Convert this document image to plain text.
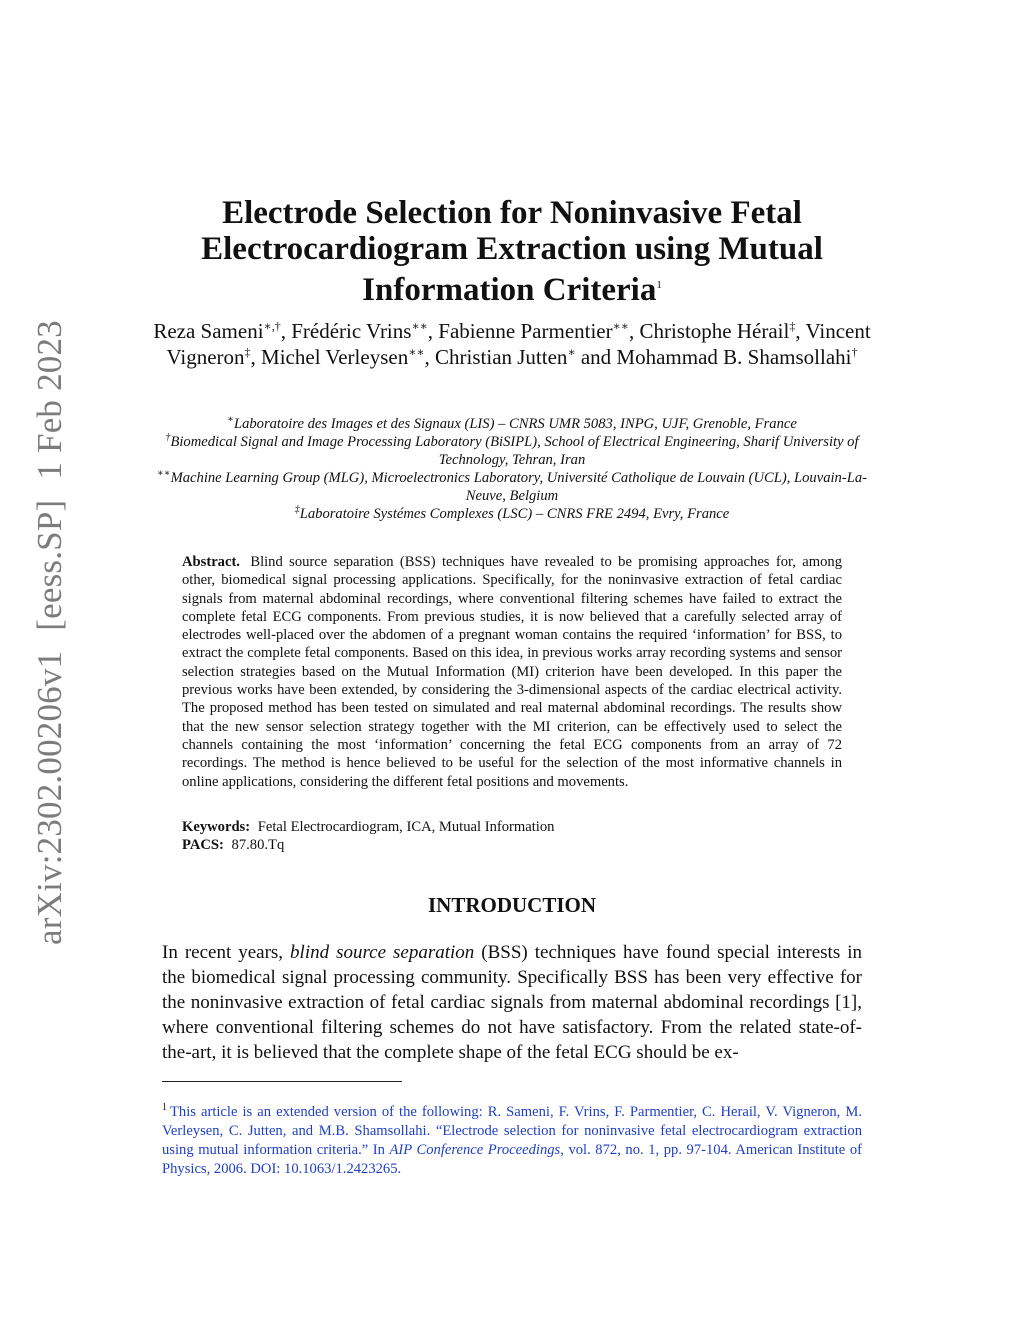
arXiv:2302.00206v1[eess.SP]1 Feb 2023
Electrode Selection for Noninvasive Fetal Electrocardiogram Extraction using Mutual Information Criteria$^1$

Reza Sameni∗,†, Frédéric Vrins∗∗, Fabienne Parmentier∗∗, Christophe Hérail‡, Vincent Vigneron‡, Michel Verleysen∗∗, Christian Jutten∗ and Mohammad B. Shamsollahi†

∗Laboratoire des Images et des Signaux (LIS) – CNRS UMR 5083, INPG, UJF, Grenoble, France
†Biomedical Signal and Image Processing Laboratory (BiSIPL), School of Electrical Engineering, Sharif University of Technology, Tehran, Iran
∗∗Machine Learning Group (MLG), Microelectronics Laboratory, Université Catholique de Louvain (UCL), Louvain-La-Neuve, Belgium
‡Laboratoire Systémes Complexes (LSC) – CNRS FRE 2494, Evry, France

Abstract. Blind source separation (BSS) techniques have revealed to be promising approaches for, among other, biomedical signal processing applications. Specifically, for the noninvasive extraction of fetal cardiac signals from maternal abdominal recordings, where conventional filtering schemes have failed to extract the complete fetal ECG components. From previous studies, it is now believed that a carefully selected array of electrodes well-placed over the abdomen of a pregnant woman contains the required ‘information’ for BSS, to extract the complete fetal components. Based on this idea, in previous works array recording systems and sensor selection strategies based on the Mutual Information (MI) criterion have been developed. In this paper the previous works have been extended, by considering the 3-dimensional aspects of the cardiac electrical activity. The proposed method has been tested on simulated and real maternal abdominal recordings. The results show that the new sensor selection strategy together with the MI criterion, can be effectively used to select the channels containing the most ‘information’ concerning the fetal ECG components from an array of 72 recordings. The method is hence believed to be useful for the selection of the most informative channels in online applications, considering the different fetal positions and movements.

Keywords: Fetal Electrocardiogram, ICA, Mutual Information
PACS: 87.80.Tq
INTRODUCTION

In recent years, blind source separation (BSS) techniques have found special interests in the biomedical signal processing community. Specifically BSS has been very effective for the noninvasive extraction of fetal cardiac signals from maternal abdominal recordings [1], where conventional filtering schemes do not have satisfactory. From the related state-of-the-art, it is believed that the complete shape of the fetal ECG should be ex-

$^1$ This article is an extended version of the following: R. Sameni, F. Vrins, F. Parmentier, C. Herail, V. Vigneron, M. Verleysen, C. Jutten, and M.B. Shamsollahi. “Electrode selection for noninvasive fetal electrocardiogram extraction using mutual information criteria.” In AIP Conference Proceedings, vol. 872, no. 1, pp. 97-104. American Institute of Physics, 2006. DOI: 10.1063/1.2423265.
